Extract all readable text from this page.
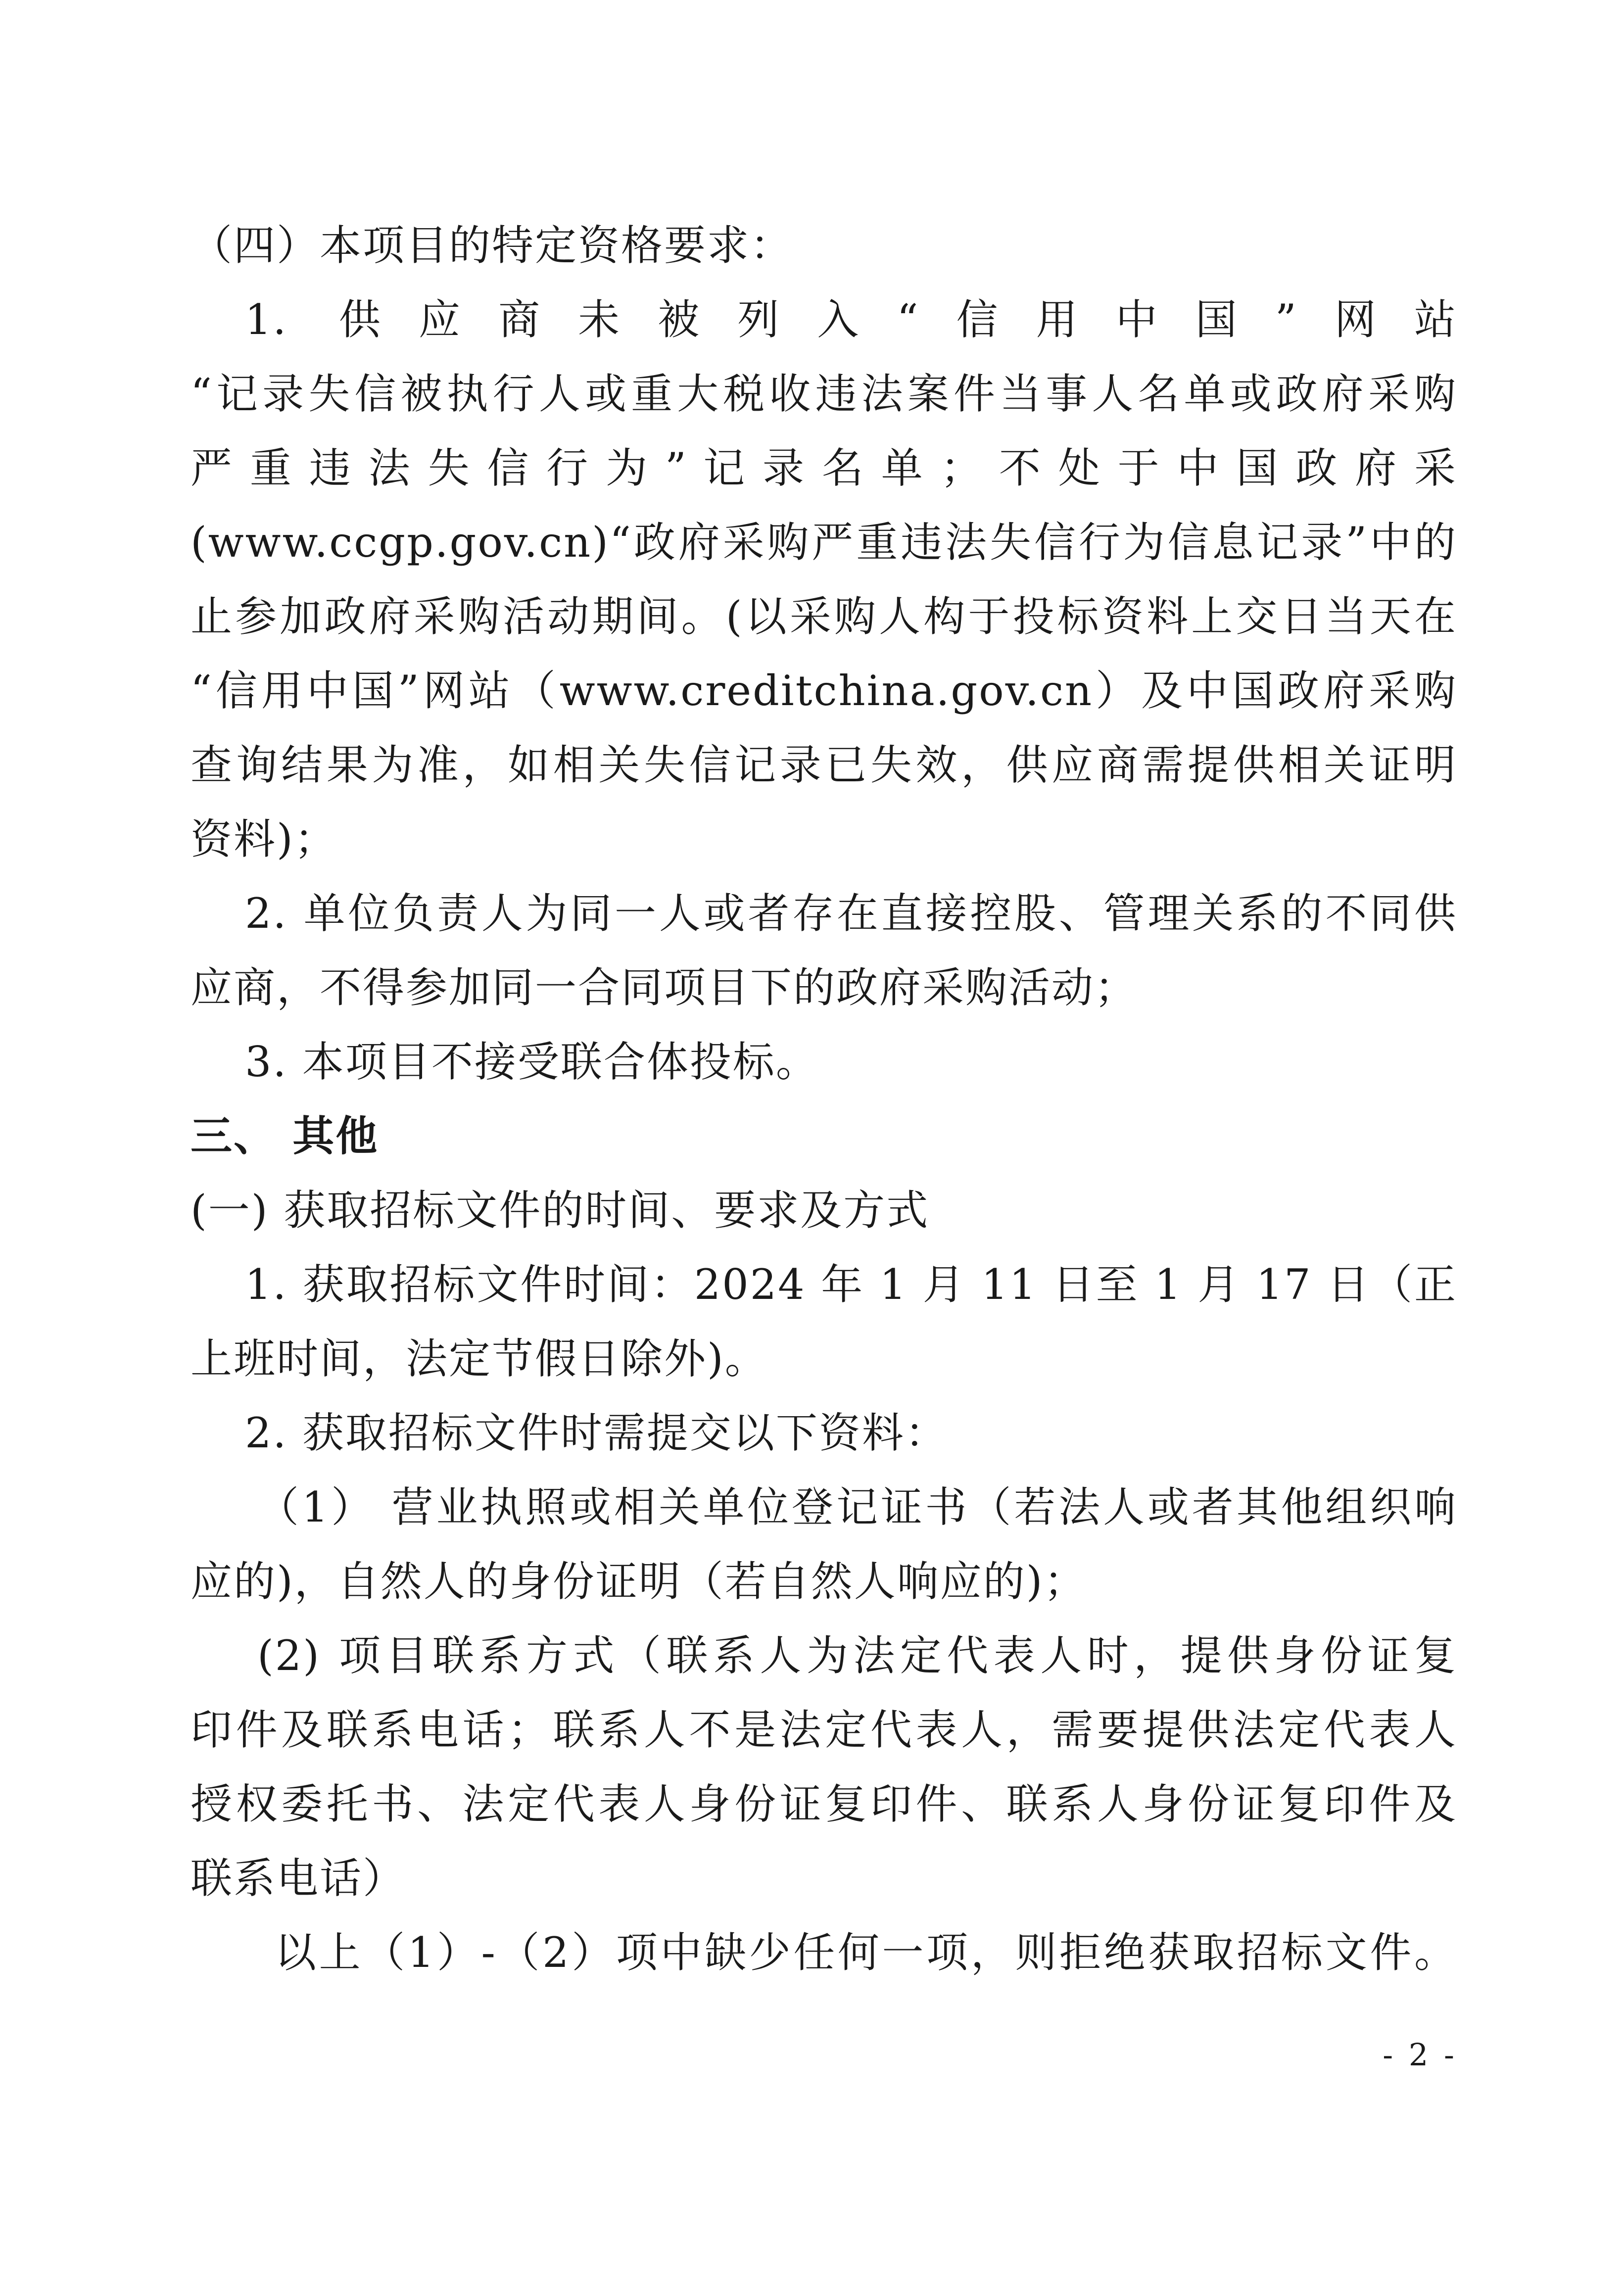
（四）本项目的特定资格要求：
1. 供应商未被列入“信用中国”网站
“记录失信被执行人或重大税收违法案件当事人名单或政府采购
严 重 违 法 失 信 行 为 ” 记 录 名 单 ； 不 处 于 中 国 政 府 采
(www.ccgp.gov.cn)“政府采购严重违法失信行为信息记录”中的
止参加政府采购活动期间。(以采购人构于投标资料上交日当天在
“信用中国”网站（www.creditchina.gov.cn）及中国政府采购
查询结果为准，如相关失信记录已失效，供应商需提供相关证明
资料)；
2. 单位负责人为同一人或者存在直接控股、管理关系的不同供
应商，不得参加同一合同项目下的政府采购活动；
3. 本项目不接受联合体投标。
三、 其他
(一) 获取招标文件的时间、要求及方式
1. 获取招标文件时间：2024 年 1 月 11 日至 1 月 17 日（正
上班时间，法定节假日除外)。
2. 获取招标文件时需提交以下资料：
（1） 营业执照或相关单位登记证书（若法人或者其他组织响
应的)，自然人的身份证明（若自然人响应的)；
(2) 项目联系方式（联系人为法定代表人时，提供身份证复
印件及联系电话；联系人不是法定代表人，需要提供法定代表人
授权委托书、法定代表人身份证复印件、联系人身份证复印件及
联系电话）
以上（1）-（2）项中缺少任何一项，则拒绝获取招标文件。
- 2 -
